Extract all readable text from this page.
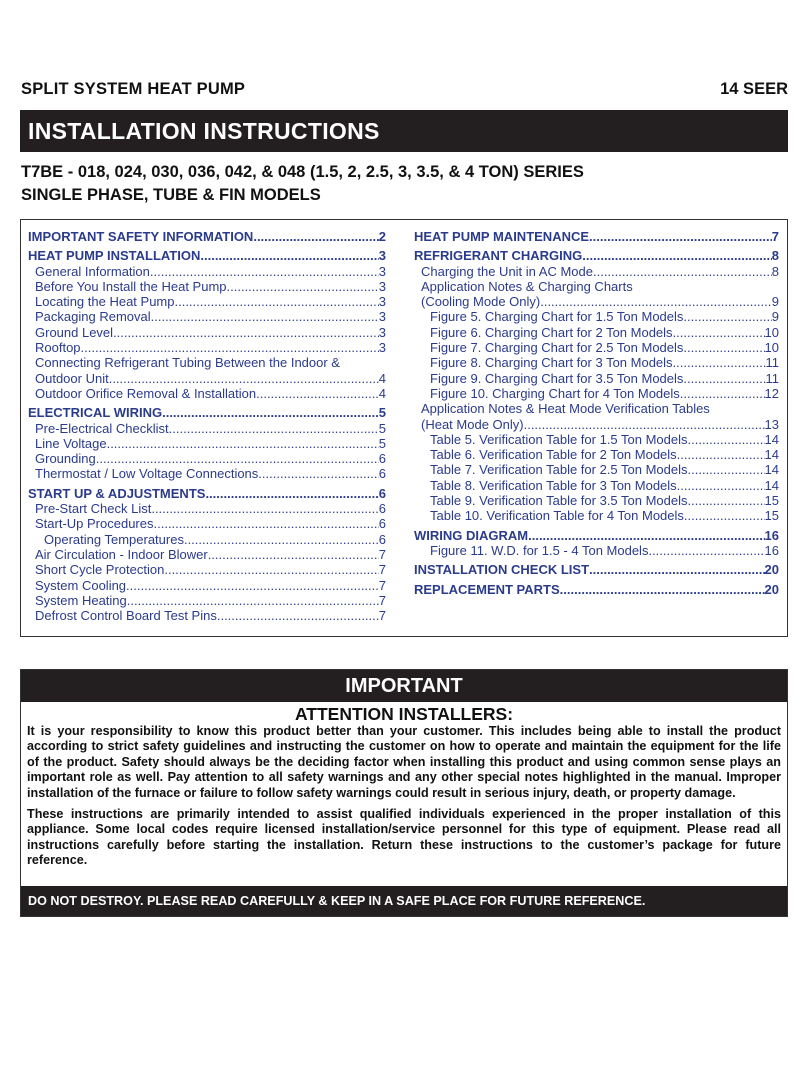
SPLIT SYSTEM HEAT PUMP	14 SEER
INSTALLATION INSTRUCTIONS
T7BE - 018, 024, 030, 036, 042, & 048 (1.5, 2, 2.5, 3, 3.5, & 4 TON) SERIES
SINGLE PHASE, TUBE & FIN MODELS
IMPORTANT SAFETY INFORMATION .....	2
HEAT PUMP INSTALLATION .....	3
General Information .....	3
Before You Install the Heat Pump .....	3
Locating the Heat Pump .....	3
Packaging Removal .....	3
Ground Level .....	3
Rooftop .....	3
Connecting Refrigerant Tubing Between the Indoor &
Outdoor Unit .....	4
Outdoor Orifice Removal & Installation .....	4
ELECTRICAL WIRING .....	5
Pre-Electrical Checklist .....	5
Line Voltage .....	5
Grounding .....	6
Thermostat / Low Voltage Connections .....	6
START UP & ADJUSTMENTS .....	6
Pre-Start Check List .....	6
Start-Up Procedures .....	6
Operating Temperatures .....	6
Air Circulation - Indoor Blower .....	7
Short Cycle Protection .....	7
System Cooling .....	7
System Heating .....	7
Defrost Control Board Test Pins .....	7
HEAT PUMP MAINTENANCE .....	7
REFRIGERANT CHARGING .....	8
Charging the Unit in AC Mode .....	8
Application Notes & Charging Charts
(Cooling Mode Only) .....	9
Figure 5. Charging Chart for 1.5 Ton Models .....	9
Figure 6. Charging Chart for 2 Ton Models .....	10
Figure 7. Charging Chart for 2.5 Ton Models .....	10
Figure 8. Charging Chart for 3 Ton Models .....	11
Figure 9. Charging Chart for 3.5 Ton Models .....	11
Figure 10. Charging Chart for 4 Ton Models .....	12
Application Notes & Heat Mode Verification Tables
(Heat Mode Only) .....	13
Table 5. Verification Table for 1.5 Ton Models .....	14
Table 6. Verification Table for 2 Ton Models .....	14
Table 7. Verification Table for 2.5 Ton Models .....	14
Table 8. Verification Table for 3 Ton Models .....	14
Table 9. Verification Table for 3.5 Ton Models .....	15
Table 10. Verification Table for 4 Ton Models .....	15
WIRING DIAGRAM .....	16
Figure 11. W.D. for 1.5 - 4 Ton Models .....	16
INSTALLATION CHECK LIST .....	20
REPLACEMENT PARTS .....	20
IMPORTANT
ATTENTION INSTALLERS:

It is your responsibility to know this product better than your customer. This includes being able to install the product according to strict safety guidelines and instructing the customer on how to operate and maintain the equipment for the life of the product. Safety should always be the deciding factor when installing this product and using common sense plays an important role as well. Pay attention to all safety warnings and any other special notes highlighted in the manual. Improper installation of the furnace or failure to follow safety warnings could result in serious injury, death, or property damage.

These instructions are primarily intended to assist qualified individuals experienced in the proper installation of this appliance. Some local codes require licensed installation/service personnel for this type of equipment. Please read all instructions carefully before starting the installation. Return these instructions to the customer’s package for future reference.

DO NOT DESTROY. PLEASE READ CAREFULLY & KEEP IN A SAFE PLACE FOR FUTURE REFERENCE.
